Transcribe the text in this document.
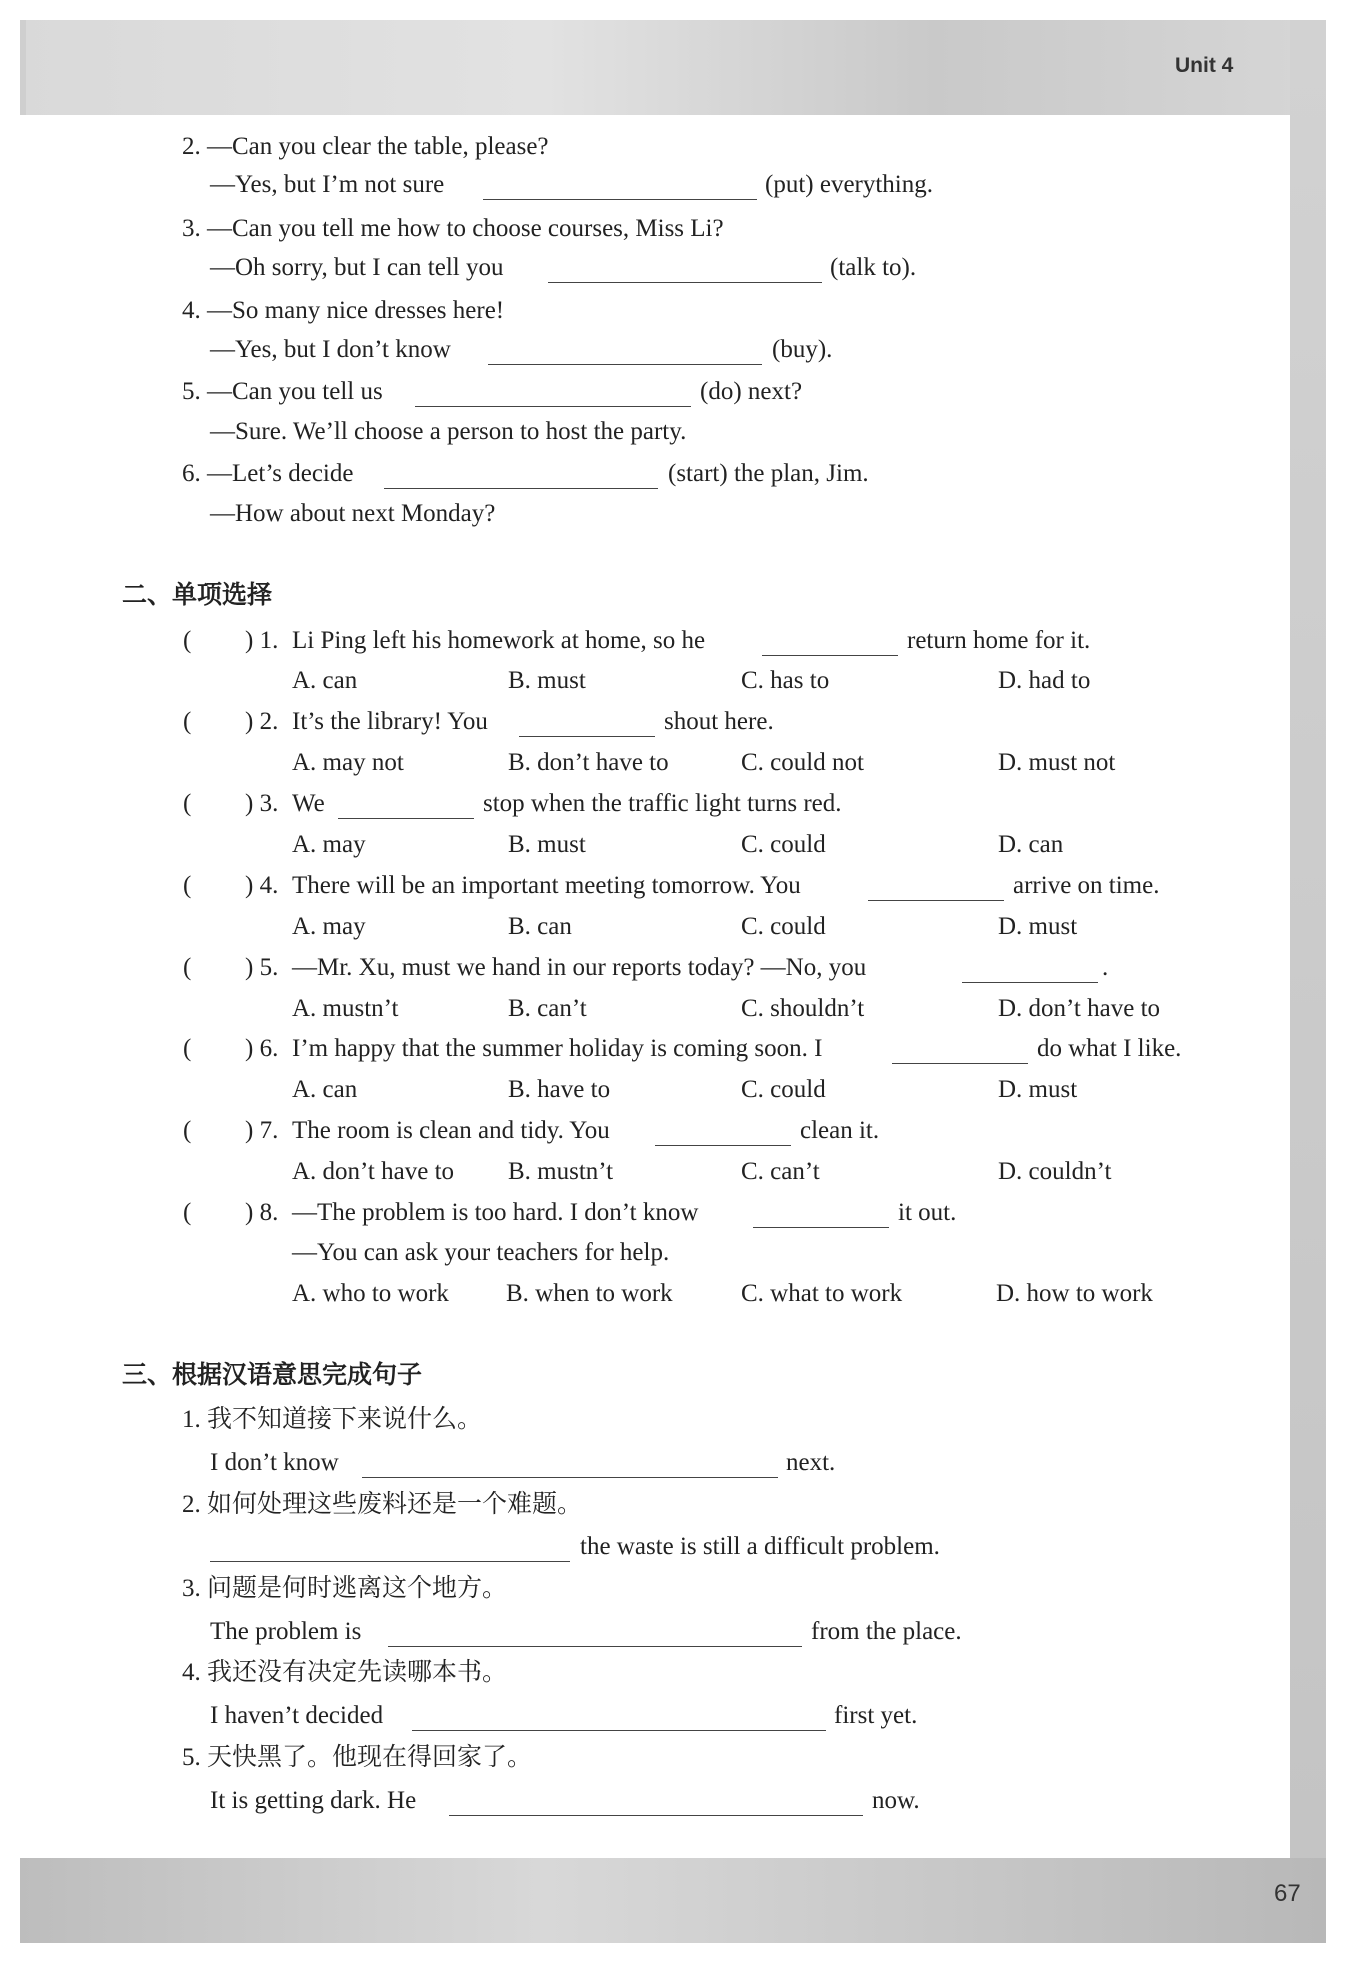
Unit 4
67
2. —Can you clear the table, please?
—Yes, but I’m not sure	(put) everything.
3. —Can you tell me how to choose courses, Miss Li?
—Oh sorry, but I can tell you	(talk to).
4. —So many nice dresses here!
—Yes, but I don’t know	(buy).
5. —Can you tell us	(do) next?
—Sure. We’ll choose a person to host the party.
6. —Let’s decide	(start) the plan, Jim.
—How about next Monday?
二、单项选择
( ) 1. Li Ping left his homework at home, so he	return home for it.
A. can	B. must	C. has to	D. had to
( ) 2. It’s the library! You	shout here.
A. may not	B. don’t have to	C. could not	D. must not
( ) 3. We	stop when the traffic light turns red.
A. may	B. must	C. could	D. can
( ) 4. There will be an important meeting tomorrow. You	arrive on time.
A. may	B. can	C. could	D. must
( ) 5. —Mr. Xu, must we hand in our reports today? —No, you	.
A. mustn’t	B. can’t	C. shouldn’t	D. don’t have to
( ) 6. I’m happy that the summer holiday is coming soon. I	do what I like.
A. can	B. have to	C. could	D. must
( ) 7. The room is clean and tidy. You	clean it.
A. don’t have to B. mustn’t	C. can’t	D. couldn’t
( ) 8. —The problem is too hard. I don’t know	it out.
—You can ask your teachers for help.
A. who to work B. when to work	C. what to work	D. how to work
三、根据汉语意思完成句子
1. 我不知道接下来说什么。
I don’t know	next.
2. 如何处理这些废料还是一个难题。
the waste is still a difficult problem.
3. 问题是何时逃离这个地方。
The problem is	from the place.
4. 我还没有决定先读哪本书。
I haven’t decided	first yet.
5. 天快黑了。他现在得回家了。
It is getting dark. He	now.
